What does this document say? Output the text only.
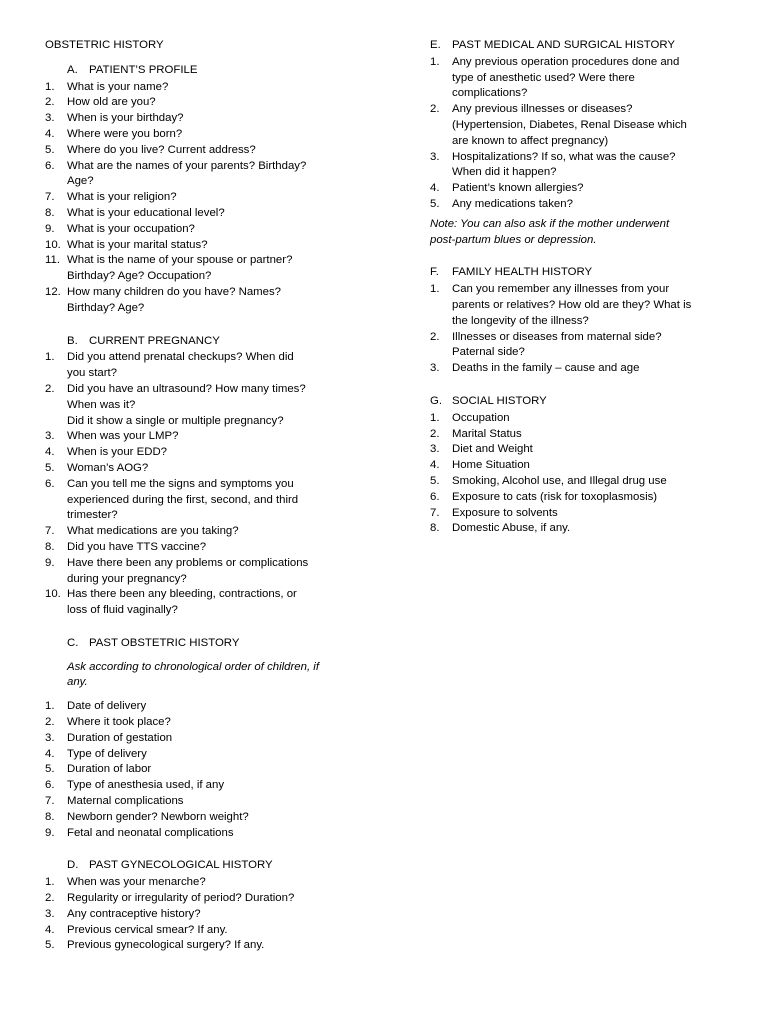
OBSTETRIC HISTORY
A. PATIENT’S PROFILE
1.	What is your name?
2.	How old are you?
3.	When is your birthday?
4.	Where were you born?
5.	Where do you live? Current address?
6.	What are the names of your parents? Birthday?
Age?
7.	What is your religion?
8.	What is your educational level?
9.	What is your occupation?
10. What is your marital status?
11. What is the name of your spouse or partner?
Birthday? Age? Occupation?
12. How many children do you have? Names?
Birthday? Age?
B. CURRENT PREGNANCY
1.	Did you attend prenatal checkups? When did
you start?
2.	Did you have an ultrasound? How many times?
When was it?
Did it show a single or multiple pregnancy?
3.	When was your LMP?
4.	When is your EDD?
5.	Woman’s AOG?
6.	Can you tell me the signs and symptoms you
experienced during the first, second, and third
trimester?
7.	What medications are you taking?
8.	Did you have TTS vaccine?
9.	Have there been any problems or complications
during your pregnancy?
10. Has there been any bleeding, contractions, or
loss of fluid vaginally?
C. PAST OBSTETRIC HISTORY
Ask according to chronological order of children, if
any.
1.	Date of delivery
2.	Where it took place?
3.	Duration of gestation
4.	Type of delivery
5.	Duration of labor
6.	Type of anesthesia used, if any
7.	Maternal complications
8.	Newborn gender? Newborn weight?
9.	Fetal and neonatal complications
D. PAST GYNECOLOGICAL HISTORY
1.	When was your menarche?
2.	Regularity or irregularity of period? Duration?
3.	Any contraceptive history?
4.	Previous cervical smear? If any.
5.	Previous gynecological surgery? If any.
E. PAST MEDICAL AND SURGICAL HISTORY
1.	Any previous operation procedures done and
type of anesthetic used? Were there
complications?
2.	Any previous illnesses or diseases?
(Hypertension, Diabetes, Renal Disease which
are known to affect pregnancy)
3.	Hospitalizations? If so, what was the cause?
When did it happen?
4.	Patient’s known allergies?
5.	Any medications taken?
Note: You can also ask if the mother underwent
post-partum blues or depression.
F.	FAMILY HEALTH HISTORY
1.	Can you remember any illnesses from your
parents or relatives? How old are they? What is
the longevity of the illness?
2.	Illnesses or diseases from maternal side?
Paternal side?
3.	Deaths in the family – cause and age
G. SOCIAL HISTORY
1.	Occupation
2.	Marital Status
3.	Diet and Weight
4.	Home Situation
5.	Smoking, Alcohol use, and Illegal drug use
6.	Exposure to cats (risk for toxoplasmosis)
7.	Exposure to solvents
8.	Domestic Abuse, if any.
